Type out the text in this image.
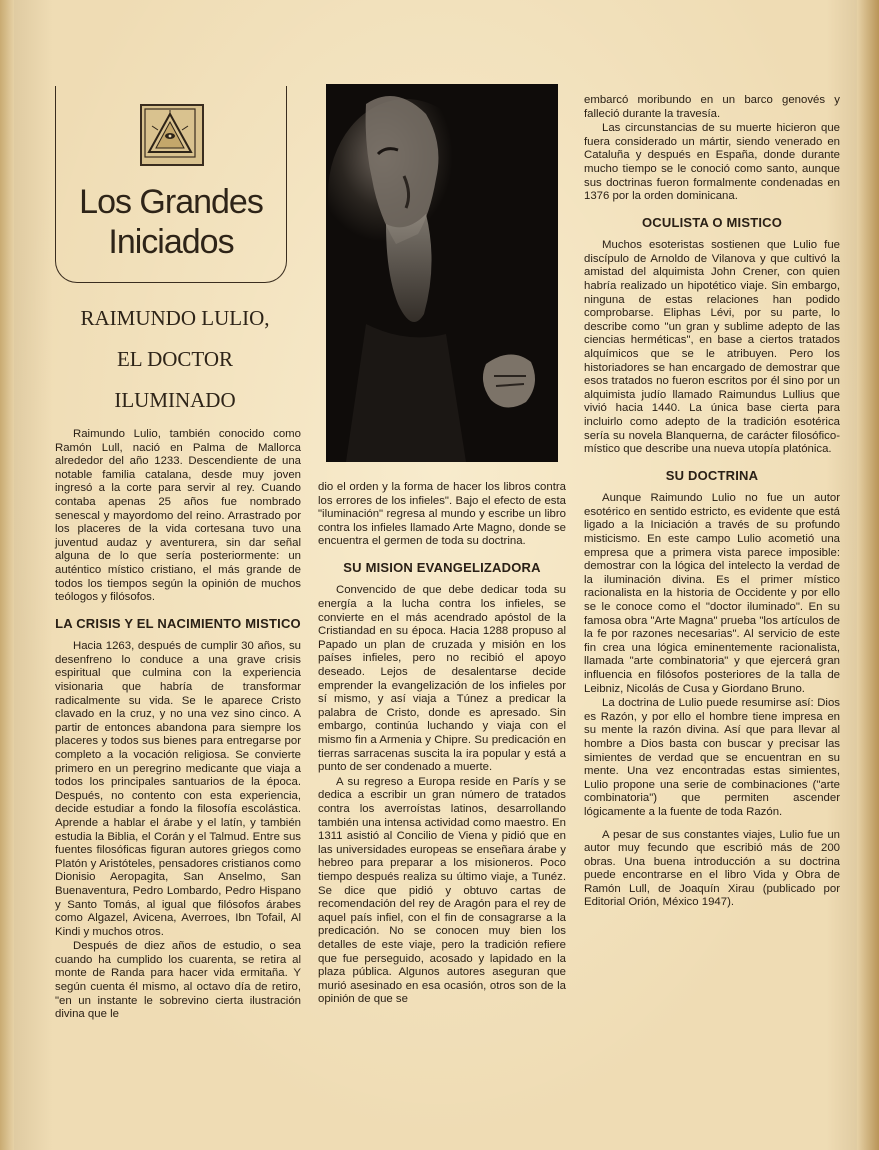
Los Grandes
Iniciados
RAIMUNDO LULIO,
EL DOCTOR
ILUMINADO

Raimundo Lulio, también conocido como Ramón Lull, nació en Palma de Mallorca alrededor del año 1233. Descendiente de una notable familia catalana, desde muy joven ingresó a la corte para servir al rey. Cuando contaba apenas 25 años fue nombrado senescal y mayordomo del reino. Arrastrado por los placeres de la vida cortesana tuvo una juventud audaz y aventurera, sin dar señal alguna de lo que sería posteriormente: un auténtico místico cristiano, el más grande de todos los tiempos según la opinión de muchos teólogos y filósofos.

LA CRISIS Y EL NACIMIENTO MISTICO

Hacia 1263, después de cumplir 30 años, su desenfreno lo conduce a una grave crisis espiritual que culmina con la experiencia visionaria que habría de transformar radicalmente su vida. Se le aparece Cristo clavado en la cruz, y no una vez sino cinco. A partir de entonces abandona para siempre los placeres y todos sus bienes para entregarse por completo a la vocación religiosa. Se convierte primero en un peregrino medicante que viaja a todos los principales santuarios de la época. Después, no contento con esta experiencia, decide estudiar a fondo la filosofía escolástica. Aprende a hablar el árabe y el latín, y también estudia la Biblia, el Corán y el Talmud. Entre sus fuentes filosóficas figuran autores griegos como Platón y Aristóteles, pensadores cristianos como Dionisio Aeropagita, San Anselmo, San Buenaventura, Pedro Lombardo, Pedro Hispano y Santo Tomás, al igual que filósofos árabes como Algazel, Avicena, Averroes, Ibn Tofail, Al Kindi y muchos otros.

Después de diez años de estudio, o sea cuando ha cumplido los cuarenta, se retira al monte de Randa para hacer vida ermitaña. Y según cuenta él mismo, al octavo día de retiro, "en un instante le sobrevino cierta ilustración divina que le

dio el orden y la forma de hacer los libros contra los errores de los infieles". Bajo el efecto de esta "iluminación" regresa al mundo y escribe un libro contra los infieles llamado Arte Magno, donde se encuentra el germen de toda su doctrina.

SU MISION EVANGELIZADORA

Convencido de que debe dedicar toda su energía a la lucha contra los infieles, se convierte en el más acendrado apóstol de la Cristiandad en su época. Hacia 1288 propuso al Papado un plan de cruzada y misión en los países infieles, pero no recibió el apoyo deseado. Lejos de desalentarse decide emprender la evangelización de los infieles por sí mismo, y así viaja a Túnez a predicar la palabra de Cristo, donde es apresado. Sin embargo, continúa luchando y viaja con el mismo fin a Armenia y Chipre. Su predicación en tierras sarracenas suscita la ira popular y está a punto de ser condenado a muerte.

A su regreso a Europa reside en París y se dedica a escribir un gran número de tratados contra los averroístas latinos, desarrollando también una intensa actividad como maestro. En 1311 asistió al Concilio de Viena y pidió que en las universidades europeas se enseñara árabe y hebreo para preparar a los misioneros. Poco tiempo después realiza su último viaje, a Tunéz. Se dice que pidió y obtuvo cartas de recomendación del rey de Aragón para el rey de aquel país infiel, con el fin de consagrarse a la predicación. No se conocen muy bien los detalles de este viaje, pero la tradición refiere que fue perseguido, acosado y lapidado en la plaza pública. Algunos autores aseguran que murió asesinado en esa ocasión, otros son de la opinión de que se

embarcó moribundo en un barco genovés y falleció durante la travesía.

Las circunstancias de su muerte hicieron que fuera considerado un mártir, siendo venerado en Cataluña y después en España, donde durante mucho tiempo se le conoció como santo, aunque sus doctrinas fueron formalmente condenadas en 1376 por la orden dominicana.

OCULISTA O MISTICO

Muchos esoteristas sostienen que Lulio fue discípulo de Arnoldo de Vilanova y que cultivó la amistad del alquimista John Crener, con quien habría realizado un hipotético viaje. Sin embargo, ninguna de estas relaciones han podido comprobarse. Eliphas Lévi, por su parte, lo describe como "un gran y sublime adepto de las ciencias herméticas", en base a ciertos tratados alquímicos que se le atribuyen. Pero los historiadores se han encargado de demostrar que esos tratados no fueron escritos por él sino por un alquimista judío llamado Raimundus Lullius que vivió hacia 1440. La única base cierta para incluirlo como adepto de la tradición esotérica sería su novela Blanquerna, de carácter filosófico-místico que describe una nueva utopía platónica.

SU DOCTRINA

Aunque Raimundo Lulio no fue un autor esotérico en sentido estricto, es evidente que está ligado a la Iniciación a través de su profundo misticismo. En este campo Lulio acometió una empresa que a primera vista parece imposible: demostrar con la lógica del intelecto la verdad de la iluminación divina. Es el primer místico racionalista en la historia de Occidente y por ello se le conoce como el "doctor iluminado". En su famosa obra "Arte Magna" prueba "los artículos de la fe por razones necesarias". Al servicio de este fin crea una lógica eminentemente racionalista, llamada "arte combinatoria" y que ejercerá gran influencia en filósofos posteriores de la talla de Leibniz, Nicolás de Cusa y Giordano Bruno.

La doctrina de Lulio puede resumirse así: Dios es Razón, y por ello el hombre tiene impresa en su mente la razón divina. Así que para llevar al hombre a Dios basta con buscar y precisar las simientes de verdad que se encuentran en su mente. Una vez encontradas estas simientes, Lulio propone una serie de combinaciones ("arte combinatoria") que permiten ascender lógicamente a la fuente de toda Razón.

A pesar de sus constantes viajes, Lulio fue un autor muy fecundo que escribió más de 200 obras. Una buena introducción a su doctrina puede encontrarse en el libro Vida y Obra de Ramón Lull, de Joaquín Xirau (publicado por Editorial Orión, México 1947).
